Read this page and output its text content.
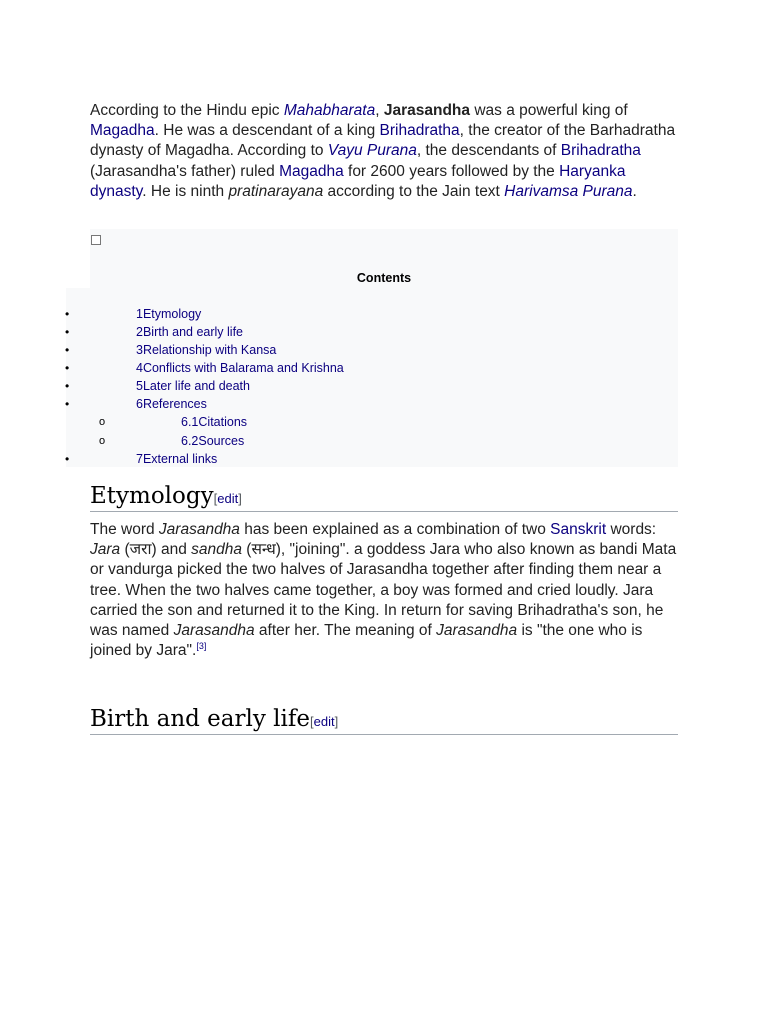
According to the Hindu epic Mahabharata, Jarasandha was a powerful king of Magadha. He was a descendant of a king Brihadratha, the creator of the Barhadratha dynasty of Magadha. According to Vayu Purana, the descendants of Brihadratha (Jarasandha's father) ruled Magadha for 2600 years followed by the Haryanka dynasty. He is ninth pratinarayana according to the Jain text Harivamsa Purana.
Contents
•	1Etymology
•	2Birth and early life
•	3Relationship with Kansa
•	4Conflicts with Balarama and Krishna
•	5Later life and death
•	6References
o	6.1Citations
o	6.2Sources
•	7External links
Etymology[edit]
The word Jarasandha has been explained as a combination of two Sanskrit words: Jara (जरा) and sandha (सन्ध), "joining". a goddess Jara who also known as bandi Mata or vandurga picked the two halves of Jarasandha together after finding them near a tree. When the two halves came together, a boy was formed and cried loudly. Jara carried the son and returned it to the King. In return for saving Brihadratha's son, he was named Jarasandha after her. The meaning of Jarasandha is "the one who is joined by Jara".[3]
Birth and early life[edit]
